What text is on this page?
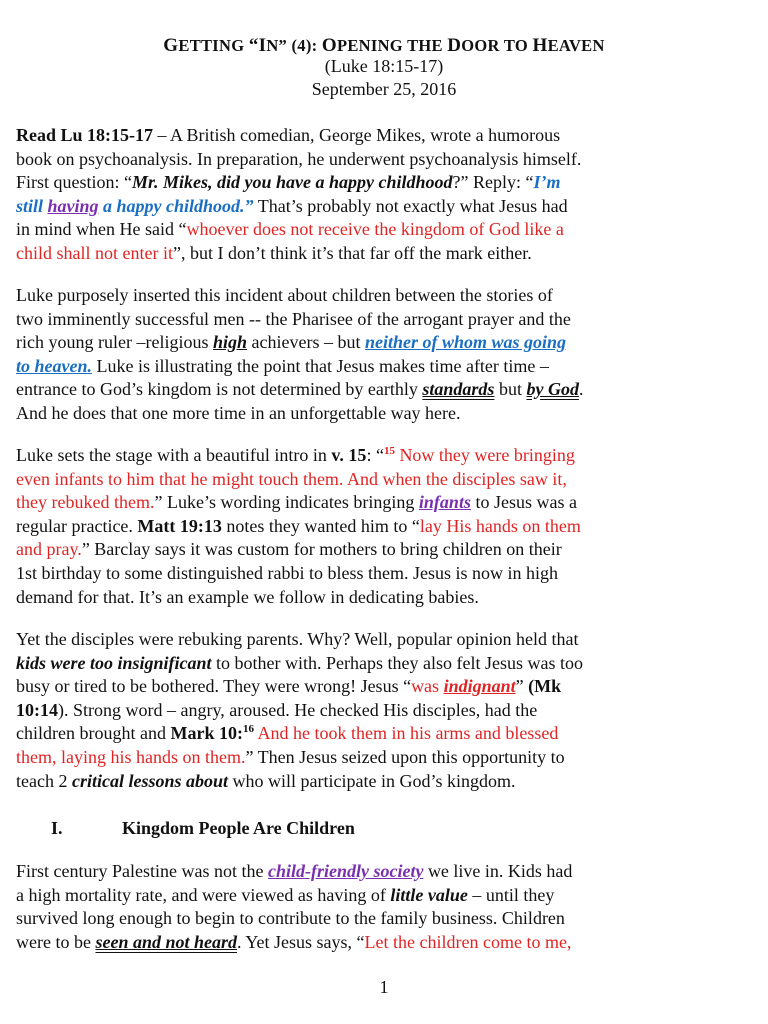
GETTING “IN” (4): OPENING THE DOOR TO HEAVEN
(Luke 18:15-17)
September 25, 2016
Read Lu 18:15-17 – A British comedian, George Mikes, wrote a humorous
book on psychoanalysis. In preparation, he underwent psychoanalysis himself.
First question: “Mr. Mikes, did you have a happy childhood?” Reply: “I’m
still having a happy childhood.” That’s probably not exactly what Jesus had
in mind when He said “whoever does not receive the kingdom of God like a
child shall not enter it”, but I don’t think it’s that far off the mark either.
Luke purposely inserted this incident about children between the stories of
two imminently successful men -- the Pharisee of the arrogant prayer and the
rich young ruler –religious high achievers – but neither of whom was going
to heaven. Luke is illustrating the point that Jesus makes time after time –
entrance to God’s kingdom is not determined by earthly standards but by God.
And he does that one more time in an unforgettable way here.
Luke sets the stage with a beautiful intro in v. 15: “$^{15}$ Now they were bringing
even infants to him that he might touch them. And when the disciples saw it,
they rebuked them.” Luke’s wording indicates bringing infants to Jesus was a
regular practice. Matt 19:13 notes they wanted him to “lay His hands on them
and pray.” Barclay says it was custom for mothers to bring children on their
1st birthday to some distinguished rabbi to bless them. Jesus is now in high
demand for that. It’s an example we follow in dedicating babies.
Yet the disciples were rebuking parents. Why? Well, popular opinion held that
kids were too insignificant to bother with. Perhaps they also felt Jesus was too
busy or tired to be bothered. They were wrong! Jesus “was indignant” (Mk
10:14). Strong word – angry, aroused. He checked His disciples, had the
children brought and Mark 10:$^{16}$ And he took them in his arms and blessed
them, laying his hands on them.” Then Jesus seized upon this opportunity to
teach 2 critical lessons about who will participate in God’s kingdom.
I.	Kingdom People Are Children
First century Palestine was not the child-friendly society we live in. Kids had
a high mortality rate, and were viewed as having of little value – until they
survived long enough to begin to contribute to the family business. Children
were to be seen and not heard. Yet Jesus says, “Let the children come to me,
1
